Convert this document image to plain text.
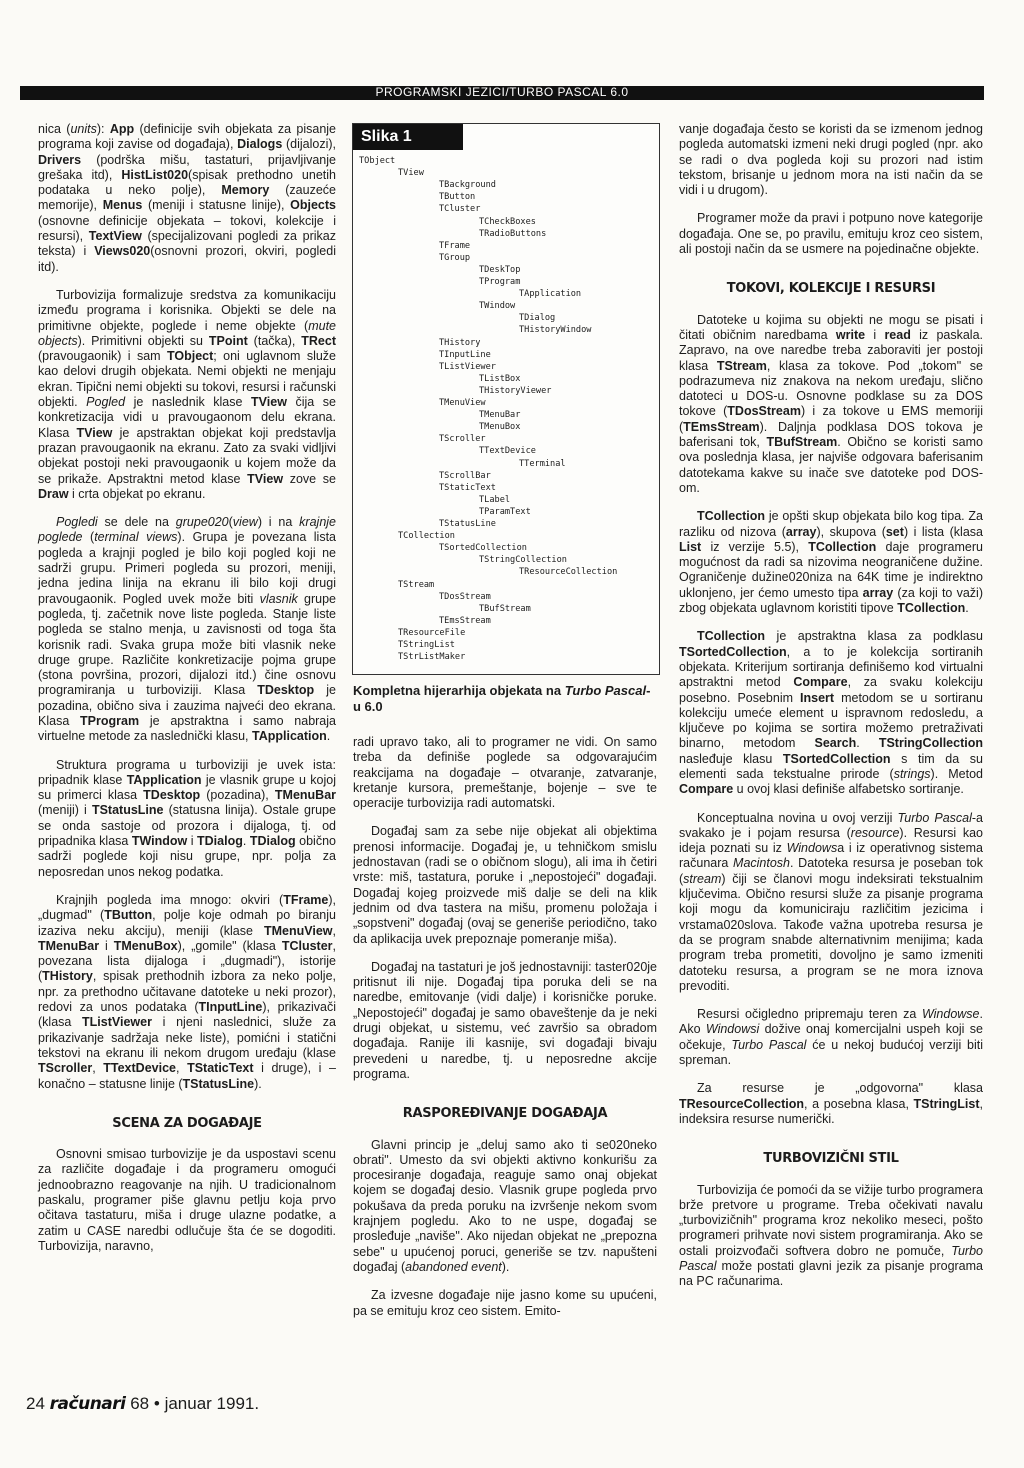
PROGRAMSKI JEZICI/TURBO PASCAL 6.0

nica (units): App (definicije svih objekata za pisanje programa koji zavise od događaja), Dialogs (dijalozi), Drivers (podrška mišu, tastaturi, prijavljivanje grešaka itd), HistList020(spisak prethodno unetih podataka u neko polje), Memory (zauzeće memorije), Menus (meniji i statusne linije), Objects (osnovne definicije objekata – tokovi, kolekcije i resursi), TextView (specijalizovani pogledi za prikaz teksta) i Views020(osnovni prozori, okviri, pogledi itd).

Turbovizija formalizuje sredstva za komunikaciju između programa i korisnika. Objekti se dele na primitivne objekte, poglede i neme objekte (mute objects). Primitivni objekti su TPoint (tačka), TRect (pravougaonik) i sam TObject; oni uglavnom služe kao delovi drugih objekata. Nemi objekti ne menjaju ekran. Tipični nemi objekti su tokovi, resursi i računski objekti. Pogled je naslednik klase TView čija se konkretizacija vidi u pravougaonom delu ekrana. Klasa TView je apstraktan objekat koji predstavlja prazan pravougaonik na ekranu. Zato za svaki vidljivi objekat postoji neki pravougaonik u kojem može da se prikaže. Apstraktni metod klase TView zove se Draw i crta objekat po ekranu.

Pogledi se dele na grupe020(view) i na krajnje poglede (terminal views). Grupa je povezana lista pogleda a krajnji pogled je bilo koji pogled koji ne sadrži grupu. Primeri pogleda su prozori, meniji, jedna jedina linija na ekranu ili bilo koji drugi pravougaonik. Pogled uvek može biti vlasnik grupe pogleda, tj. začetnik nove liste pogleda. Stanje liste pogleda se stalno menja, u zavisnosti od toga šta korisnik radi. Svaka grupa može biti vlasnik neke druge grupe. Različite konkretizacije pojma grupe (stona površina, prozori, dijalozi itd.) čine osnovu programiranja u turboviziji. Klasa TDesktop je pozadina, obično siva i zauzima najveći deo ekrana. Klasa TProgram je apstraktna i samo nabraja virtuelne metode za naslednički klasu, TApplication.

Struktura programa u turboviziji je uvek ista: pripadnik klase TApplication je vlasnik grupe u kojoj su primerci klasa TDesktop (pozadina), TMenuBar (meniji) i TStatusLine (statusna linija). Ostale grupe se onda sastoje od prozora i dijaloga, tj. od pripadnika klasa TWindow i TDialog. TDialog obično sadrži poglede koji nisu grupe, npr. polja za neposredan unos nekog podatka.

Krajnjih pogleda ima mnogo: okviri (TFrame), „dugmad" (TButton, polje koje odmah po biranju izaziva neku akciju), meniji (klase TMenuView, TMenuBar i TMenuBox), „gomile" (klasa TCluster, povezana lista dijaloga i „dugmadi"), istorije (THistory, spisak prethodnih izbora za neko polje, npr. za prethodno učitavane datoteke u neki prozor), redovi za unos podataka (TInputLine), prikazivači (klasa TListViewer i njeni naslednici, služe za prikazivanje sadržaja neke liste), pomićni i statični tekstovi na ekranu ili nekom drugom uređaju (klase TScroller, TTextDevice, TStaticText i druge), i – konačno – statusne linije (TStatusLine).

SCENA ZA DOGAĐAJE

Osnovni smisao turbovizije je da uspostavi scenu za različite događaje i da programeru omogući jednoobrazno reagovanje na njih. U tradicionalnom paskalu, programer piše glavnu petlju koja prvo očitava tastaturu, miša i druge ulazne podatke, a zatim u CASE naredbi odlučuje šta će se dogoditi. Turbovizija, naravno,

Slika 1
TObject
TView
TBackground
TButton
TCluster
TCheckBoxes
TRadioButtons
TFrame
TGroup
TDeskTop
TProgram
TApplication
TWindow
TDialog
THistoryWindow
THistory
TInputLine
TListViewer
TListBox
THistoryViewer
TMenuView
TMenuBar
TMenuBox
TScroller
TTextDevice
TTerminal
TScrollBar
TStaticText
TLabel
TParamText
TStatusLine
TCollection
TSortedCollection
TStringCollection
TResourceCollection
TStream
TDosStream
TBufStream
TEmsStream
TResourceFile
TStringList
TStrListMaker
Kompletna hijerarhija objekata na Turbo Pascal-u 6.0

radi upravo tako, ali to programer ne vidi. On samo treba da definiše poglede sa odgovarajućim reakcijama na događaje – otvaranje, zatvaranje, kretanje kursora, premeštanje, bojenje – sve te operacije turbovizija radi automatski.

Događaj sam za sebe nije objekat ali objektima prenosi informacije. Događaj je, u tehničkom smislu jednostavan (radi se o običnom slogu), ali ima ih četiri vrste: miš, tastatura, poruke i „nepostojeći" događaji. Događaj kojeg proizvede miš dalje se deli na klik jednim od dva tastera na mišu, promenu položaja i „sopstveni" događaj (ovaj se generiše periodično, tako da aplikacija uvek prepoznaje pomeranje miša).

Događaj na tastaturi je još jednostavniji: taster020je pritisnut ili nije. Događaj tipa poruka deli se na naredbe, emitovanje (vidi dalje) i korisničke poruke. „Nepostojeći" događaj je samo obaveštenje da je neki drugi objekat, u sistemu, već završio sa obradom događaja. Ranije ili kasnije, svi događaji bivaju prevedeni u naredbe, tj. u neposredne akcije programa.

RASPOREĐIVANJE DOGAĐAJA

Glavni princip je „deluj samo ako ti se020neko obrati". Umesto da svi objekti aktivno konkurišu za procesiranje događaja, reaguje samo onaj objekat kojem se događaj desio. Vlasnik grupe pogleda prvo pokušava da preda poruku na izvršenje nekom svom krajnjem pogledu. Ako to ne uspe, događaj se prosleđuje „naviše". Ako nijedan objekat ne „prepozna sebe" u upućenoj poruci, generiše se tzv. napušteni događaj (abandoned event).

Za izvesne događaje nije jasno kome su upućeni, pa se emituju kroz ceo sistem. Emito-

vanje događaja često se koristi da se izmenom jednog pogleda automatski izmeni neki drugi pogled (npr. ako se radi o dva pogleda koji su prozori nad istim tekstom, brisanje u jednom mora na isti način da se vidi i u drugom).

Programer može da pravi i potpuno nove kategorije događaja. One se, po pravilu, emituju kroz ceo sistem, ali postoji način da se usmere na pojedinačne objekte.

TOKOVI, KOLEKCIJE I RESURSI

Datoteke u kojima su objekti ne mogu se pisati i čitati običnim naredbama write i read iz paskala. Zapravo, na ove naredbe treba zaboraviti jer postoji klasa TStream, klasa za tokove. Pod „tokom" se podrazumeva niz znakova na nekom uređaju, slično datoteci u DOS-u. Osnovne podklase su za DOS tokove (TDosStream) i za tokove u EMS memoriji (TEmsStream). Daljnja podklasa DOS tokova je baferisani tok, TBufStream. Obično se koristi samo ova poslednja klasa, jer najviše odgovara baferisanim datotekama kakve su inače sve datoteke pod DOS-om.

TCollection je opšti skup objekata bilo kog tipa. Za razliku od nizova (array), skupova (set) i lista (klasa List iz verzije 5.5), TCollection daje programeru mogućnost da radi sa nizovima neograničene dužine. Ograničenje dužine020niza na 64K time je indirektno uklonjeno, jer ćemo umesto tipa array (za koji to važi) zbog objekata uglavnom koristiti tipove TCollection.

TCollection je apstraktna klasa za podklasu TSortedCollection, a to je kolekcija sortiranih objekata. Kriterijum sortiranja definišemo kod virtualni apstraktni metod Compare, za svaku kolekciju posebno. Posebnim Insert metodom se u sortiranu kolekciju umeće element u ispravnom redosledu, a ključeve po kojima se sortira možemo pretraživati binarno, metodom Search. TStringCollection nasleđuje klasu TSortedCollection s tim da su elementi sada tekstualne prirode (strings). Metod Compare u ovoj klasi definiše alfabetsko sortiranje.

Konceptualna novina u ovoj verziji Turbo Pascal-a svakako je i pojam resursa (resource). Resursi kao ideja poznati su iz Windowsa i iz operativnog sistema računara Macintosh. Datoteka resursa je poseban tok (stream) čiji se članovi mogu indeksirati tekstualnim ključevima. Obično resursi služe za pisanje programa koji mogu da komuniciraju različitim jezicima i vrstama020slova. Takođe važna upotreba resursa je da se program snabde alternativnim menijima; kada program treba prometiti, dovoljno je samo izmeniti datoteku resursa, a program se ne mora iznova prevoditi.

Resursi očigledno pripremaju teren za Windowse. Ako Windowsi dožive onaj komercijalni uspeh koji se očekuje, Turbo Pascal će u nekoj budućoj verziji biti spreman.

Za resurse je „odgovorna" klasa TResourceCollection, a posebna klasa, TStringList, indeksira resurse numerički.

TURBOVIZIČNI STIL

Turbovizija će pomoći da se vižije turbo programera brže pretvore u programe. Treba očekivati navalu „turbovizičnih" programa kroz nekoliko meseci, pošto programeri prihvate novi sistem programiranja. Ako se ostali proizvođači softvera dobro ne pomuče, Turbo Pascal može postati glavni jezik za pisanje programa na PC računarima.

24 računari 68 • januar 1991.
